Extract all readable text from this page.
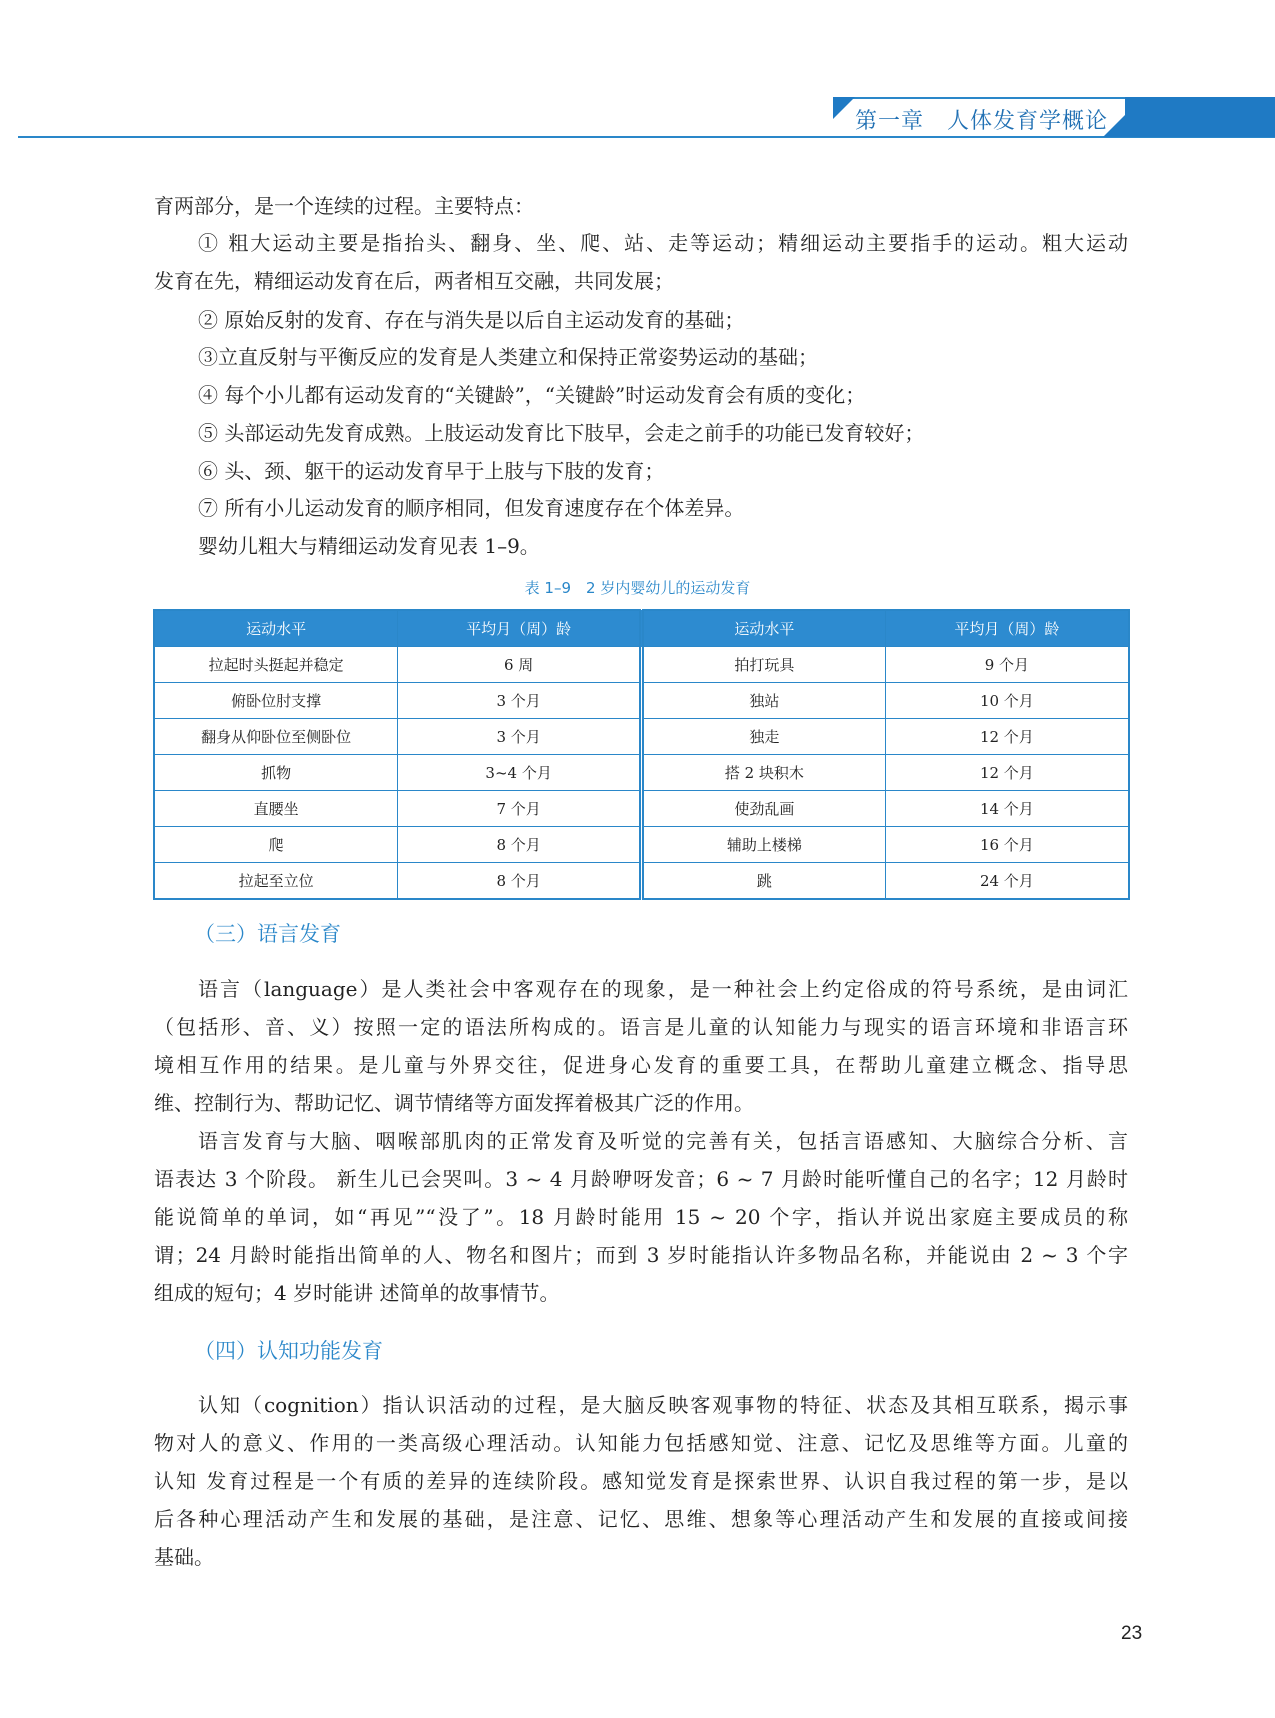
第一章　人体发育学概论
育两部分，是一个连续的过程。主要特点：
① 粗大运动主要是指抬头、翻身、坐、爬、站、走等运动；精细运动主要指手的运动。粗大运动
发育在先，精细运动发育在后，两者相互交融，共同发展；
② 原始反射的发育、存在与消失是以后自主运动发育的基础；
③立直反射与平衡反应的发育是人类建立和保持正常姿势运动的基础；
④ 每个小儿都有运动发育的“关键龄”，“关键龄”时运动发育会有质的变化；
⑤ 头部运动先发育成熟。上肢运动发育比下肢早，会走之前手的功能已发育较好；
⑥ 头、颈、躯干的运动发育早于上肢与下肢的发育；
⑦ 所有小儿运动发育的顺序相同，但发育速度存在个体差异。
婴幼儿粗大与精细运动发育见表 1–9。
表 1–9　2 岁内婴幼儿的运动发育
运动水平	平均月（周）龄	运动水平	平均月（周）龄
拉起时头挺起并稳定	6 周	拍打玩具	9 个月
俯卧位肘支撑	3 个月	独站	10 个月
翻身从仰卧位至侧卧位	3 个月	独走	12 个月
抓物	3~4 个月	搭 2 块积木	12 个月
直腰坐	7 个月	使劲乱画	14 个月
爬	8 个月	辅助上楼梯	16 个月
拉起至立位	8 个月	跳	24 个月
（三）语言发育
语言（language）是人类社会中客观存在的现象，是一种社会上约定俗成的符号系统，是由词汇
（包括形、音、义）按照一定的语法所构成的。语言是儿童的认知能力与现实的语言环境和非语言环
境相互作用的结果。是儿童与外界交往，促进身心发育的重要工具，在帮助儿童建立概念、指导思
维、控制行为、帮助记忆、调节情绪等方面发挥着极其广泛的作用。
语言发育与大脑、咽喉部肌肉的正常发育及听觉的完善有关，包括言语感知、大脑综合分析、言
语表达 3 个阶段。 新生儿已会哭叫。3 ~ 4 月龄咿呀发音；6 ~ 7 月龄时能听懂自己的名字；12 月龄时
能说简单的单词，如“再见”“没了”。18 月龄时能用 15 ~ 20 个字，指认并说出家庭主要成员的称
谓；24 月龄时能指出简单的人、物名和图片；而到 3 岁时能指认许多物品名称，并能说由 2 ~ 3 个字
组成的短句；4 岁时能讲 述简单的故事情节。
（四）认知功能发育
认知（cognition）指认识活动的过程，是大脑反映客观事物的特征、状态及其相互联系，揭示事
物对人的意义、作用的一类高级心理活动。认知能力包括感知觉、注意、记忆及思维等方面。儿童的
认知 发育过程是一个有质的差异的连续阶段。感知觉发育是探索世界、认识自我过程的第一步，是以
后各种心理活动产生和发展的基础，是注意、记忆、思维、想象等心理活动产生和发展的直接或间接
基础。
23
